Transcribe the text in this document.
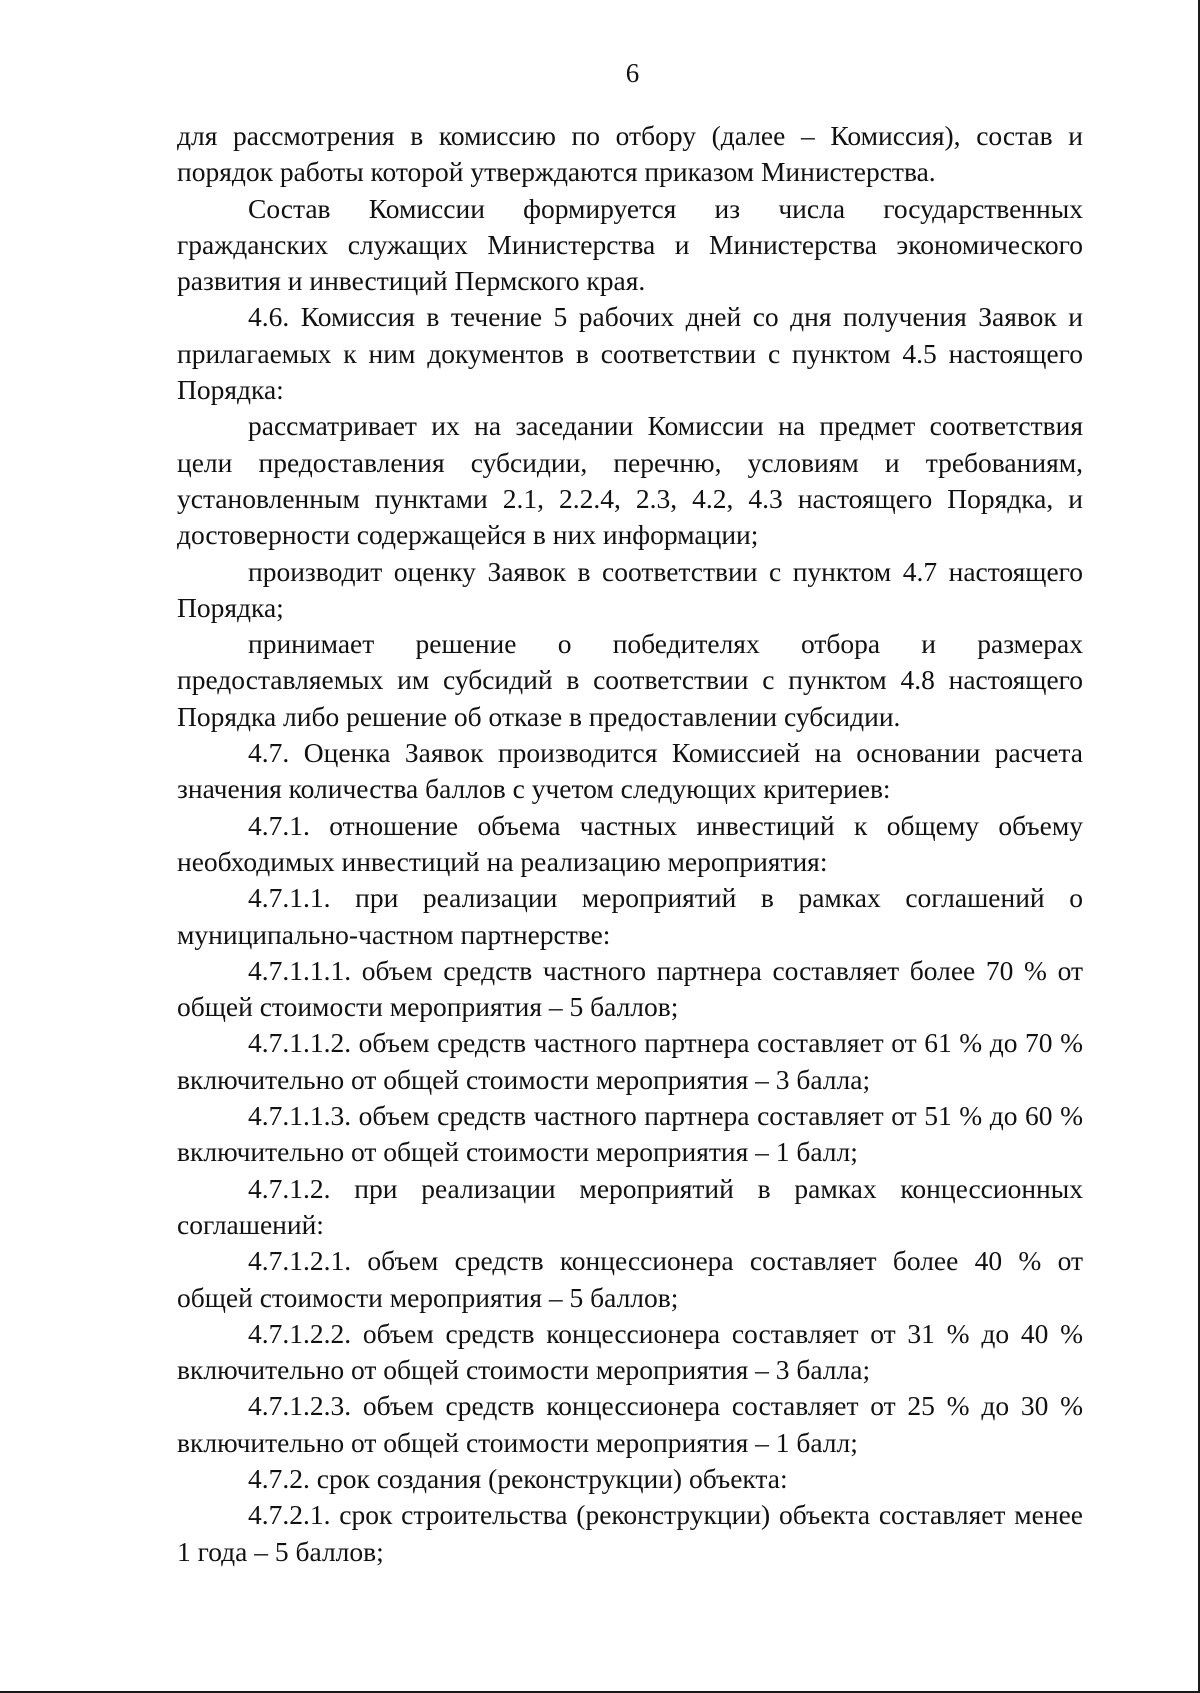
6

для рассмотрения в комиссию по отбору (далее – Комиссия), состав и порядок работы которой утверждаются приказом Министерства.

Состав Комиссии формируется из числа государственных гражданских служащих Министерства и Министерства экономического развития и инвестиций Пермского края.

4.6. Комиссия в течение 5 рабочих дней со дня получения Заявок и прилагаемых к ним документов в соответствии с пунктом 4.5 настоящего Порядка:

рассматривает их на заседании Комиссии на предмет соответствия цели предоставления субсидии, перечню, условиям и требованиям, установленным пунктами 2.1, 2.2.4, 2.3, 4.2, 4.3 настоящего Порядка, и достоверности содержащейся в них информации;

производит оценку Заявок в соответствии с пунктом 4.7 настоящего Порядка;

принимает решение о победителях отбора и размерах предоставляемых им субсидий в соответствии с пунктом 4.8 настоящего Порядка либо решение об отказе в предоставлении субсидии.

4.7. Оценка Заявок производится Комиссией на основании расчета значения количества баллов с учетом следующих критериев:

4.7.1. отношение объема частных инвестиций к общему объему необходимых инвестиций на реализацию мероприятия:

4.7.1.1. при реализации мероприятий в рамках соглашений о муниципально-частном партнерстве:

4.7.1.1.1. объем средств частного партнера составляет более 70 % от общей стоимости мероприятия – 5 баллов;

4.7.1.1.2. объем средств частного партнера составляет от 61 % до 70 % включительно от общей стоимости мероприятия – 3 балла;

4.7.1.1.3. объем средств частного партнера составляет от 51 % до 60 % включительно от общей стоимости мероприятия – 1 балл;

4.7.1.2. при реализации мероприятий в рамках концессионных соглашений:

4.7.1.2.1. объем средств концессионера составляет более 40 % от общей стоимости мероприятия – 5 баллов;

4.7.1.2.2. объем средств концессионера составляет от 31 % до 40 % включительно от общей стоимости мероприятия – 3 балла;

4.7.1.2.3. объем средств концессионера составляет от 25 % до 30 % включительно от общей стоимости мероприятия – 1 балл;

4.7.2. срок создания (реконструкции) объекта:

4.7.2.1. срок строительства (реконструкции) объекта составляет менее 1 года – 5 баллов;
